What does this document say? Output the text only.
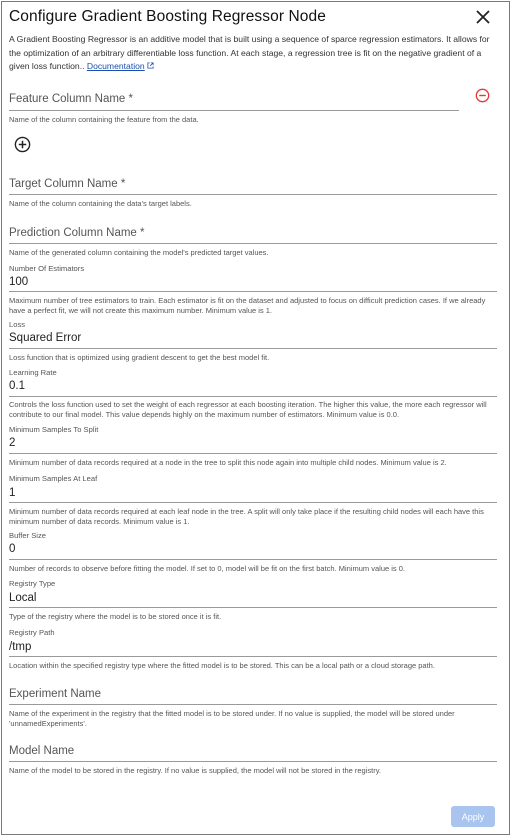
Configure Gradient Boosting Regressor Node
A Gradient Boosting Regressor is an additive model that is built using a sequence of sparce regression estimators. It allows for the optimization of an arbitrary differentiable loss function. At each stage, a regression tree is fit on the negative gradient of a given loss function.. Documentation
Feature Column Name *
Name of the column containing the feature from the data.
Target Column Name *
Name of the column containing the data's target labels.
Prediction Column Name *
Name of the generated column containing the model's predicted target values.
Number Of Estimators
100
Maximum number of tree estimators to train. Each estimator is fit on the dataset and adjusted to focus on difficult prediction cases. If we already have a perfect fit, we will not create this maximum number. Minimum value is 1.
Loss
Squared Error
Loss function that is optimized using gradient descent to get the best model fit.
Learning Rate
0.1
Controls the loss function used to set the weight of each regressor at each boosting iteration. The higher this value, the more each regressor will contribute to our final model. This value depends highly on the maximum number of estimators. Minimum value is 0.0.
Minimum Samples To Split
2
Minimum number of data records required at a node in the tree to split this node again into multiple child nodes. Minimum value is 2.
Minimum Samples At Leaf
1
Minimum number of data records required at each leaf node in the tree. A split will only take place if the resulting child nodes will each have this minimum number of data records. Minimum value is 1.
Buffer Size
0
Number of records to observe before fitting the model. If set to 0, model will be fit on the first batch. Minimum value is 0.
Registry Type
Local
Type of the registry where the model is to be stored once it is fit.
Registry Path
/tmp
Location within the specified registry type where the fitted model is to be stored. This can be a local path or a cloud storage path.
Experiment Name
Name of the experiment in the registry that the fitted model is to be stored under. If no value is supplied, the model will be stored under 'unnamedExperiments'.
Model Name
Name of the model to be stored in the registry. If no value is supplied, the model will not be stored in the registry.
Apply
